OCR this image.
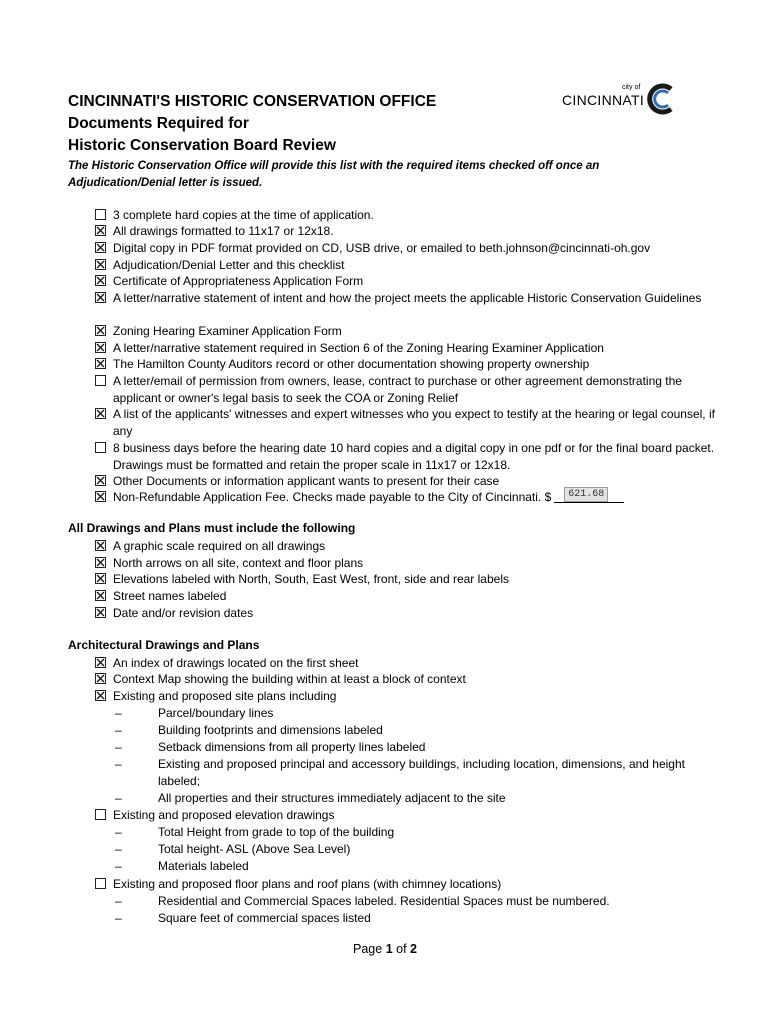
city of
CINCINNATI
CINCINNATI'S HISTORIC CONSERVATION OFFICE
Documents Required for
Historic Conservation Board Review
The Historic Conservation Office will provide this list with the required items checked off once an Adjudication/Denial letter is issued.
3 complete hard copies at the time of application.
All drawings formatted to 11x17 or 12x18.
Digital copy in PDF format provided on CD, USB drive, or emailed to beth.johnson@cincinnati-oh.gov
Adjudication/Denial Letter and this checklist
Certificate of Appropriateness Application Form
A letter/narrative statement of intent and how the project meets the applicable Historic Conservation Guidelines
Zoning Hearing Examiner Application Form
A letter/narrative statement required in Section 6 of the Zoning Hearing Examiner Application
The Hamilton County Auditors record or other documentation showing property ownership
A letter/email of permission from owners, lease, contract to purchase or other agreement demonstrating the applicant or owner's legal basis to seek the COA or Zoning Relief
A list of the applicants' witnesses and expert witnesses who you expect to testify at the hearing or legal counsel, if any
8 business days before the hearing date 10 hard copies and a digital copy in one pdf or for the final board packet. Drawings must be formatted and retain the proper scale in 11x17 or 12x18.
Other Documents or information applicant wants to present for their case
Non-Refundable Application Fee. Checks made payable to the City of Cincinnati. $	621.68
All Drawings and Plans must include the following
A graphic scale required on all drawings
North arrows on all site, context and floor plans
Elevations labeled with North, South, East West, front, side and rear labels
Street names labeled
Date and/or revision dates
Architectural Drawings and Plans
An index of drawings located on the first sheet
Context Map showing the building within at least a block of context
Existing and proposed site plans including
Existing and proposed elevation drawings
Existing and proposed floor plans and roof plans (with chimney locations)
–	Parcel/boundary lines
–	Building footprints and dimensions labeled
–	Setback dimensions from all property lines labeled
–	Existing and proposed principal and accessory buildings, including location, dimensions, and height labeled;
–	All properties and their structures immediately adjacent to the site
–	Total Height from grade to top of the building
–	Total height- ASL (Above Sea Level)
–	Materials labeled
–	Residential and Commercial Spaces labeled. Residential Spaces must be numbered.
–	Square feet of commercial spaces listed
Page 1 of 2
